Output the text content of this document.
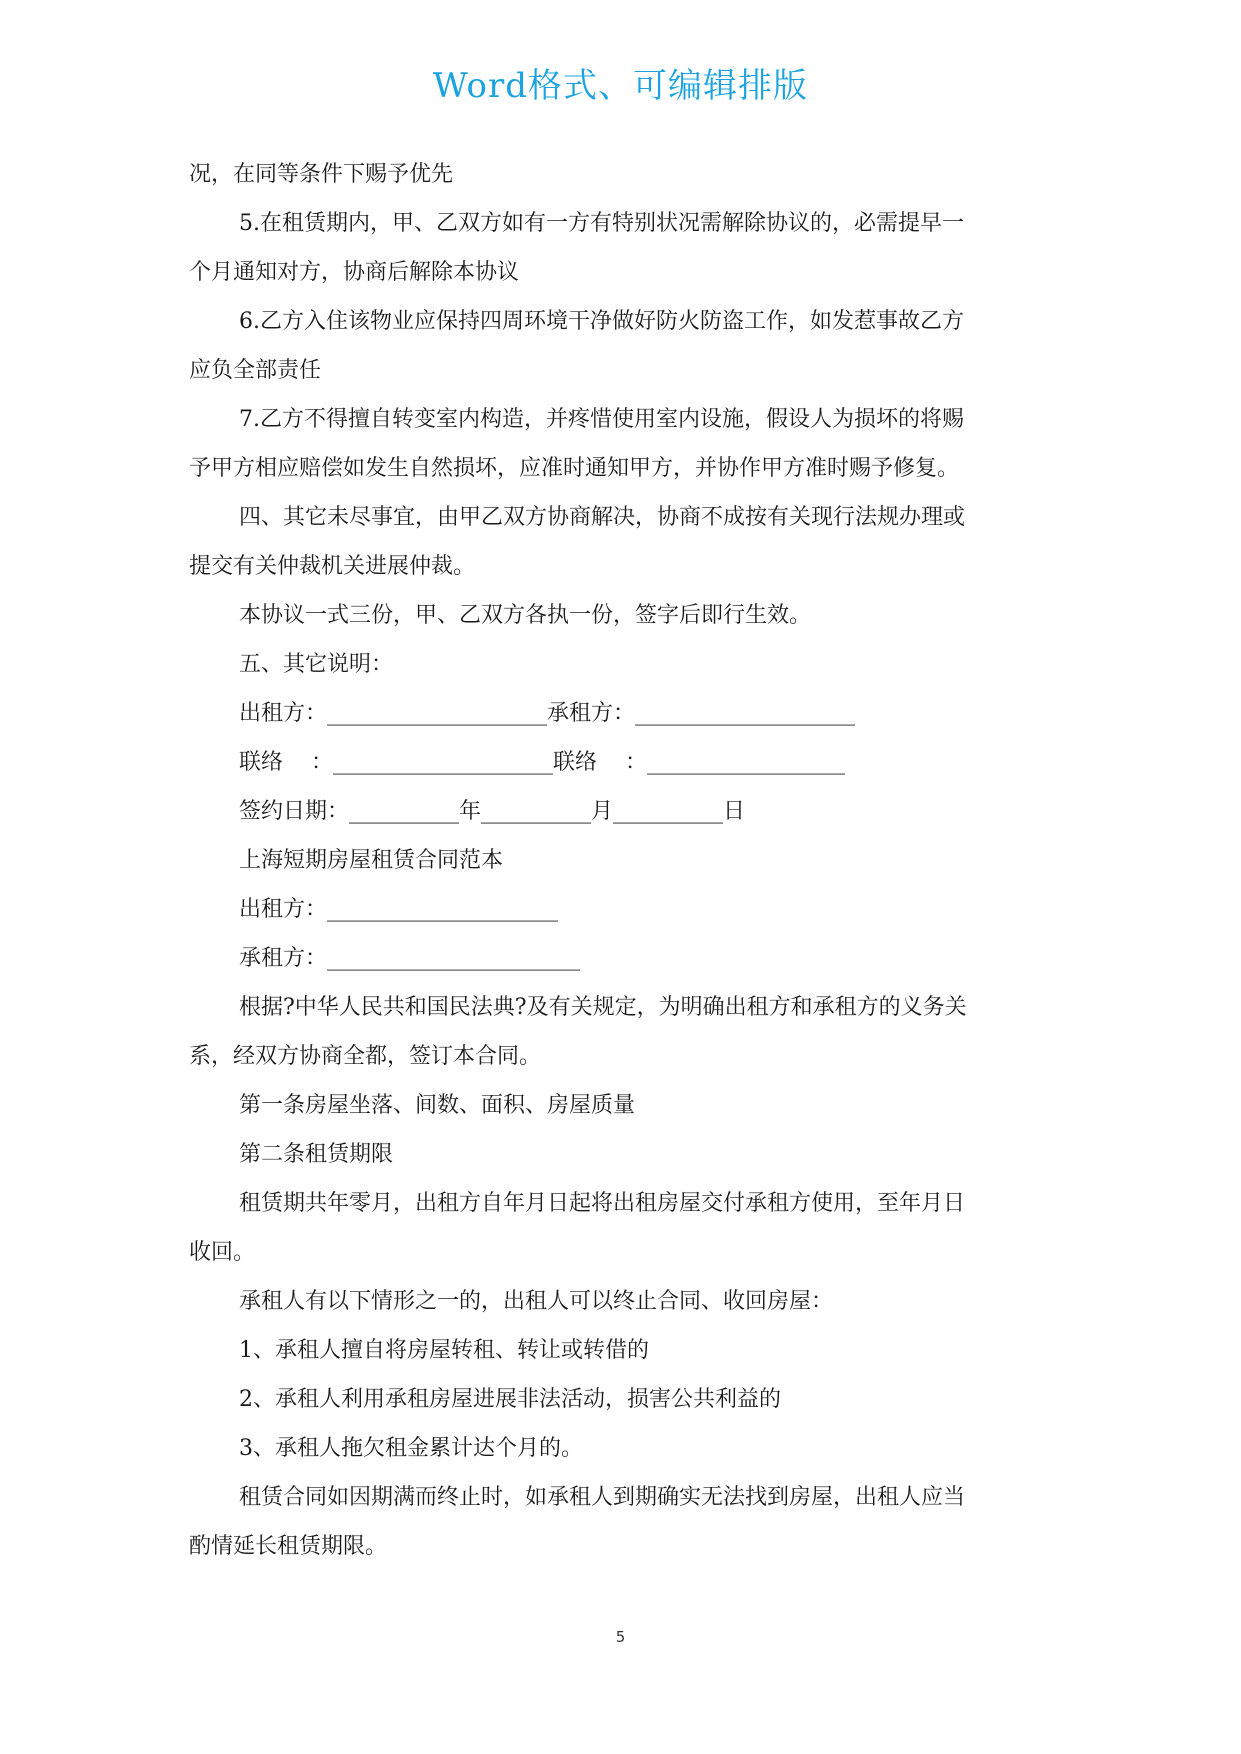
Word格式、可编辑排版
况，在同等条件下赐予优先
5.在租赁期内，甲、乙双方如有一方有特别状况需解除协议的，必需提早一
个月通知对方，协商后解除本协议
6.乙方入住该物业应保持四周环境干净做好防火防盗工作，如发惹事故乙方
应负全部责任
7.乙方不得擅自转变室内构造，并疼惜使用室内设施，假设人为损坏的将赐
予甲方相应赔偿如发生自然损坏，应准时通知甲方，并协作甲方准时赐予修复。
四、其它未尽事宜，由甲乙双方协商解决，协商不成按有关现行法规办理或
提交有关仲裁机关进展仲裁。
本协议一式三份，甲、乙双方各执一份，签字后即行生效。
五、其它说明：
出租方：____________________承租方：____________________
联络    ：____________________联络    ：__________________
签约日期：__________年__________月__________日
上海短期房屋租赁合同范本
出租方：_____________________
承租方：_______________________
根据?中华人民共和国民法典?及有关规定，为明确出租方和承租方的义务关
系，经双方协商全都，签订本合同。
第一条房屋坐落、间数、面积、房屋质量
第二条租赁期限
租赁期共年零月，出租方自年月日起将出租房屋交付承租方使用，至年月日
收回。
承租人有以下情形之一的，出租人可以终止合同、收回房屋：
1、承租人擅自将房屋转租、转让或转借的
2、承租人利用承租房屋进展非法活动，损害公共利益的
3、承租人拖欠租金累计达个月的。
租赁合同如因期满而终止时，如承租人到期确实无法找到房屋，出租人应当
酌情延长租赁期限。
5
